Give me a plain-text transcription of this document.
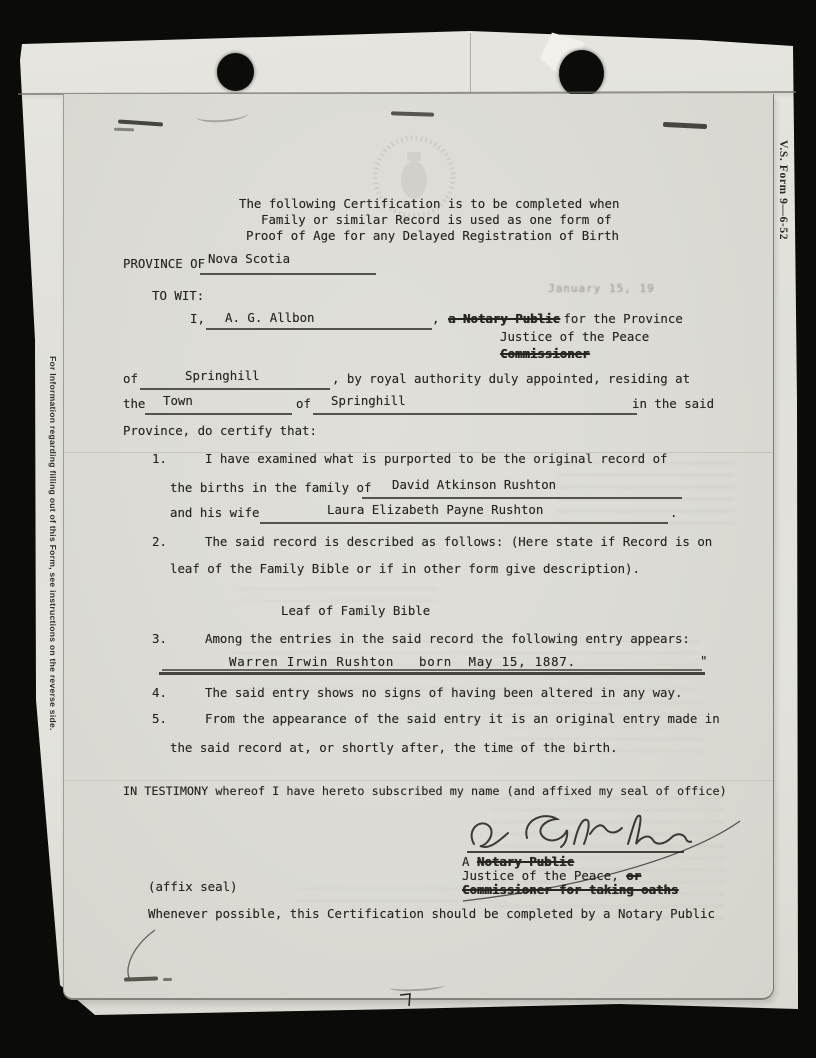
The following Certification is to be completed when
Family or similar Record is used as one form of
Proof of Age for any Delayed Registration of Birth
PROVINCE OF Nova Scotia
TO WIT:
I, A. G. Allbon	, a Notary Public
for the Province
Justice of the Peace
Commissioner
of	Springhill	, by royal authority duly appointed, residing at
the Town	of Springhill	in the said
Province, do certify that:
1.	I have examined what is purported to be the original record of
the births in the family of David Atkinson Rushton
and his wife	Laura Elizabeth Payne Rushton	.
2.	The said record is described as follows: (Here state if Record is on
leaf of the Family Bible or if in other form give description).
Leaf of Family Bible
3.	Among the entries in the said record the following entry appears:
Warren Irwin Rushton   born  May 15, 1887.	"
4.	The said entry shows no signs of having been altered in any way.
5.	From the appearance of the said entry it is an original entry made in
the said record at, or shortly after, the time of the birth.
IN TESTIMONY whereof I have hereto subscribed my name (and affixed my seal of office)
A Notary Public
Justice of the Peace, or
Commissioner for taking oaths
(affix seal)
Whenever possible, this Certification should be completed by a Notary Public
For Information regarding filling out of this Form, see instructions on the reverse side.
V.S. Form 9—6-52
January 15, 19
